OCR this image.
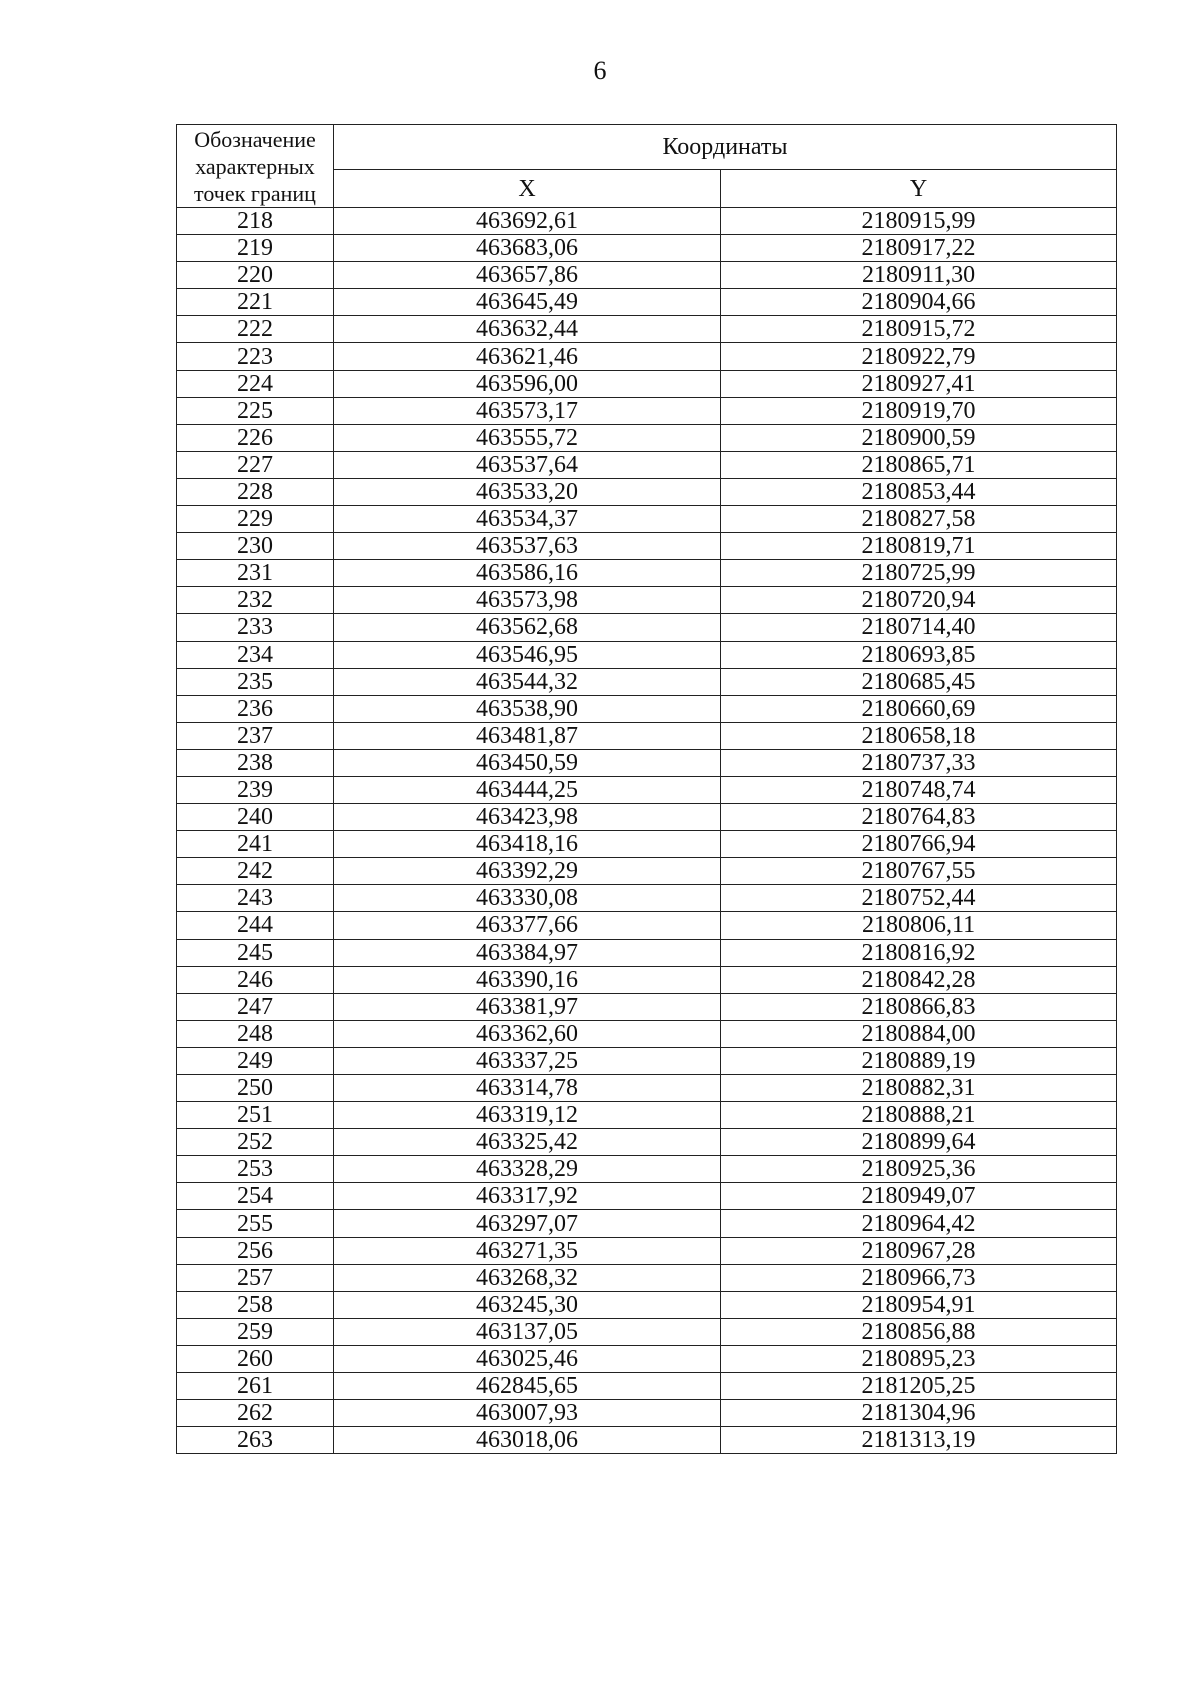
6
Обозначение характерных точек границ	Координаты	
	X	Y
218	463692,61	2180915,99
219	463683,06	2180917,22
220	463657,86	2180911,30
221	463645,49	2180904,66
222	463632,44	2180915,72
223	463621,46	2180922,79
224	463596,00	2180927,41
225	463573,17	2180919,70
226	463555,72	2180900,59
227	463537,64	2180865,71
228	463533,20	2180853,44
229	463534,37	2180827,58
230	463537,63	2180819,71
231	463586,16	2180725,99
232	463573,98	2180720,94
233	463562,68	2180714,40
234	463546,95	2180693,85
235	463544,32	2180685,45
236	463538,90	2180660,69
237	463481,87	2180658,18
238	463450,59	2180737,33
239	463444,25	2180748,74
240	463423,98	2180764,83
241	463418,16	2180766,94
242	463392,29	2180767,55
243	463330,08	2180752,44
244	463377,66	2180806,11
245	463384,97	2180816,92
246	463390,16	2180842,28
247	463381,97	2180866,83
248	463362,60	2180884,00
249	463337,25	2180889,19
250	463314,78	2180882,31
251	463319,12	2180888,21
252	463325,42	2180899,64
253	463328,29	2180925,36
254	463317,92	2180949,07
255	463297,07	2180964,42
256	463271,35	2180967,28
257	463268,32	2180966,73
258	463245,30	2180954,91
259	463137,05	2180856,88
260	463025,46	2180895,23
261	462845,65	2181205,25
262	463007,93	2181304,96
263	463018,06	2181313,19
